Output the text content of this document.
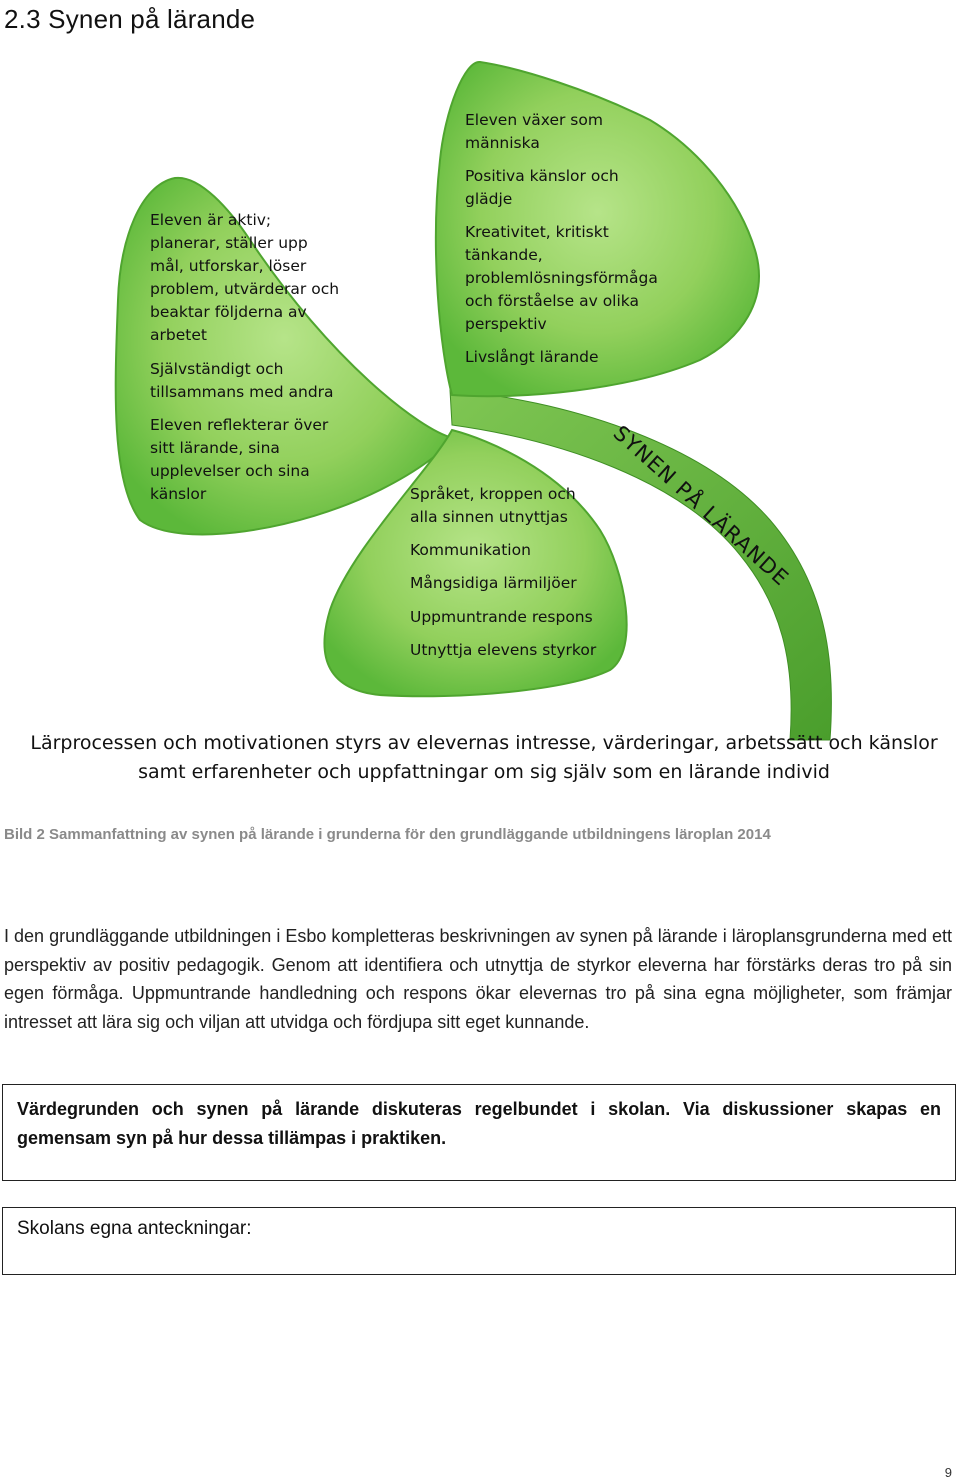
2.3 Synen på lärande
Eleven är aktiv;
planerar, ställer upp
mål, utforskar, löser
problem, utvärderar och
beaktar följderna av
arbetet
Självständigt och
tillsammans med andra
Eleven reflekterar över
sitt lärande, sina
upplevelser och sina
känslor
Eleven växer som
människa
Positiva känslor och
glädje
Kreativitet, kritiskt
tänkande,
problemlösningsförmåga
och förståelse av olika
perspektiv
Livslångt lärande
Språket, kroppen och
alla sinnen utnyttjas
Kommunikation
Mångsidiga lärmiljöer
Uppmuntrande respons
Utnyttja elevens styrkor
SYNEN PÅ LÄRANDE
Lärprocessen och motivationen styrs av elevernas intresse, värderingar, arbetssätt och känslor
samt erfarenheter och uppfattningar om sig själv som en lärande individ

Bild 2 Sammanfattning av synen på lärande i grunderna för den grundläggande utbildningens läroplan 2014

I den grundläggande utbildningen i Esbo kompletteras beskrivningen av synen på lärande i läroplansgrunderna med ett perspektiv av positiv pedagogik. Genom att identifiera och utnyttja de styrkor eleverna har förstärks deras tro på sin egen förmåga. Uppmuntrande handledning och respons ökar elevernas tro på sina egna möjligheter, som främjar intresset att lära sig och viljan att utvidga och fördjupa sitt eget kunnande.

Värdegrunden och synen på lärande diskuteras regelbundet i skolan. Via diskussioner skapas en gemensam syn på hur dessa tillämpas i praktiken.

Skolans egna anteckningar:

9
